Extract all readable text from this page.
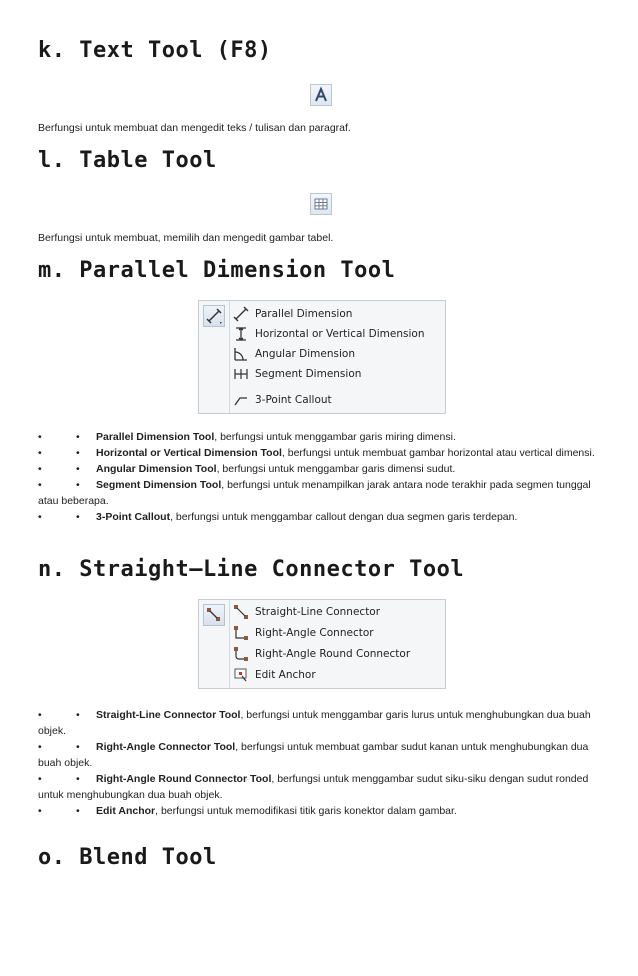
k. Text Tool (F8)
Berfungsi untuk membuat dan mengedit teks / tulisan dan paragraf.
l. Table Tool
Berfungsi untuk membuat, memilih dan mengedit gambar tabel.
m. Parallel Dimension Tool
Parallel Dimension
Horizontal or Vertical Dimension
Angular Dimension
Segment Dimension
3-Point Callout
•	• Parallel Dimension Tool, berfungsi untuk menggambar garis miring dimensi.
•	• Horizontal or Vertical Dimension Tool, berfungsi untuk membuat gambar horizontal atau vertical dimensi.
•	• Angular Dimension Tool, berfungsi untuk menggambar garis dimensi sudut.
•	• Segment Dimension Tool, berfungsi untuk menampilkan jarak antara node terakhir pada segmen tunggal
atau beberapa.
•	• 3-Point Callout, berfungsi untuk menggambar callout dengan dua segmen garis terdepan.
n. Straight–Line Connector Tool
Straight-Line Connector
Right-Angle Connector
Right-Angle Round Connector
Edit Anchor
•	• Straight-Line Connector Tool, berfungsi untuk menggambar garis lurus untuk menghubungkan dua buah
objek.
•	• Right-Angle Connector Tool, berfungsi untuk membuat gambar sudut kanan untuk menghubungkan dua
buah objek.
•	• Right-Angle Round Connector Tool, berfungsi untuk menggambar sudut siku-siku dengan sudut ronded
untuk menghubungkan dua buah objek.
•	• Edit Anchor, berfungsi untuk memodifikasi titik garis konektor dalam gambar.
o. Blend Tool
